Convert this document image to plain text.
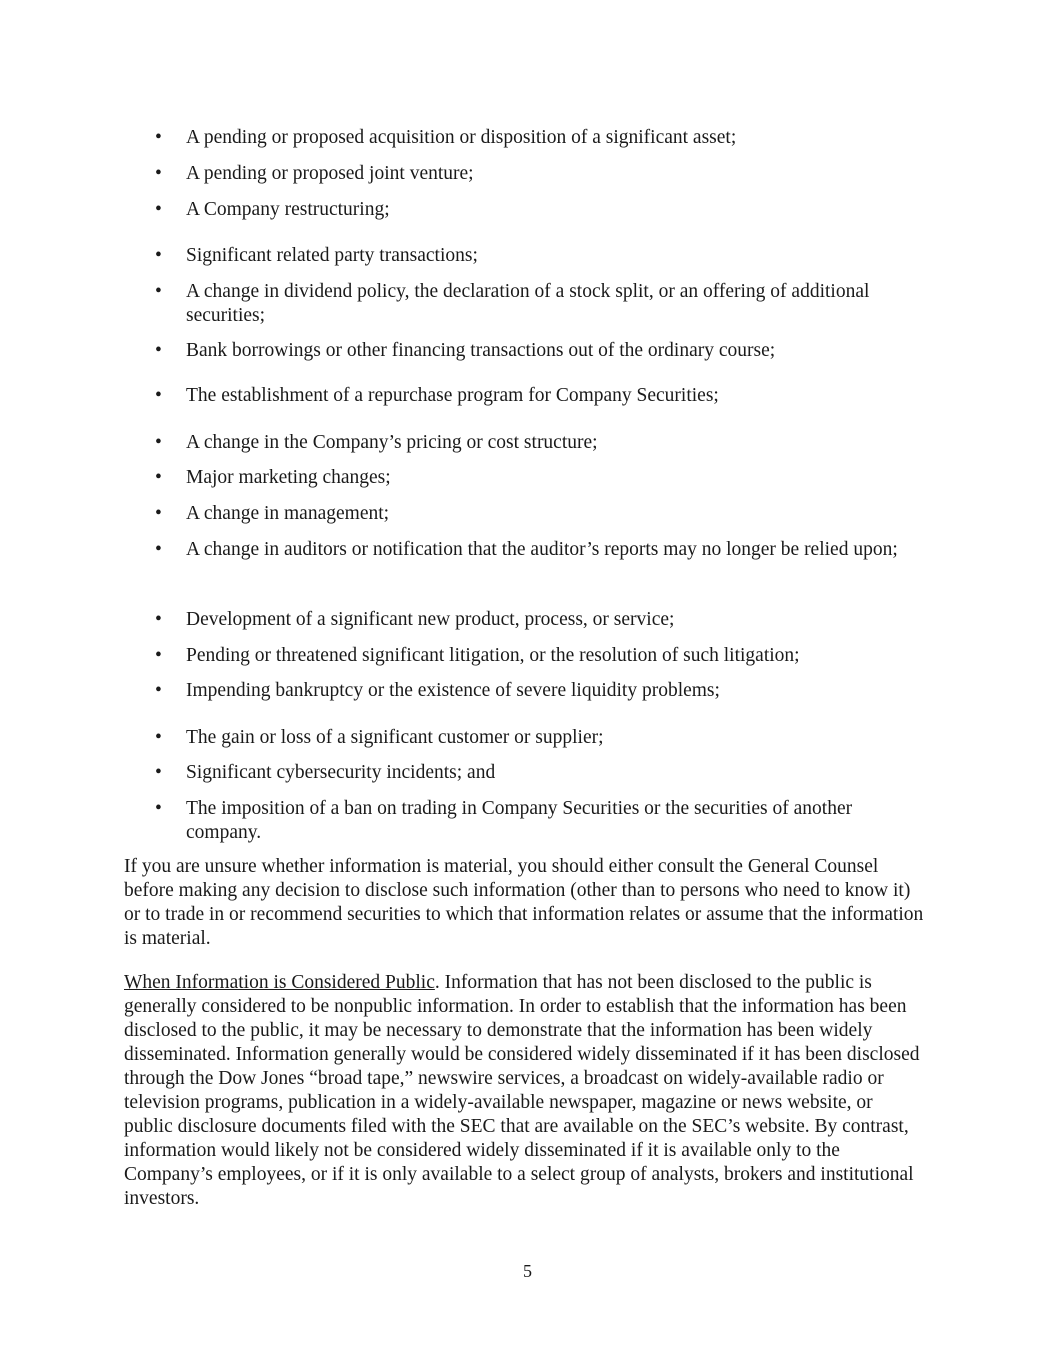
•	A pending or proposed acquisition or disposition of a significant asset;
•	A pending or proposed joint venture;
•	A Company restructuring;
•	Significant related party transactions;
•	A change in dividend policy, the declaration of a stock split, or an offering of additional securities;
•	Bank borrowings or other financing transactions out of the ordinary course;
•	The establishment of a repurchase program for Company Securities;
•	A change in the Company’s pricing or cost structure;
•	Major marketing changes;
•	A change in management;
•	A change in auditors or notification that the auditor’s reports may no longer be relied upon;
•	Development of a significant new product, process, or service;
•	Pending or threatened significant litigation, or the resolution of such litigation;
•	Impending bankruptcy or the existence of severe liquidity problems;
•	The gain or loss of a significant customer or supplier;
•	Significant cybersecurity incidents; and
•	The imposition of a ban on trading in Company Securities or the securities of another company.

If you are unsure whether information is material, you should either consult the General Counsel before making any decision to disclose such information (other than to persons who need to know it) or to trade in or recommend securities to which that information relates or assume that the information is material.

When Information is Considered Public. Information that has not been disclosed to the public is generally considered to be nonpublic information. In order to establish that the information has been disclosed to the public, it may be necessary to demonstrate that the information has been widely disseminated. Information generally would be considered widely disseminated if it has been disclosed through the Dow Jones “broad tape,” newswire services, a broadcast on widely-available radio or television programs, publication in a widely-available newspaper, magazine or news website, or public disclosure documents filed with the SEC that are available on the SEC’s website. By contrast, information would likely not be considered widely disseminated if it is available only to the Company’s employees, or if it is only available to a select group of analysts, brokers and institutional investors.

5
